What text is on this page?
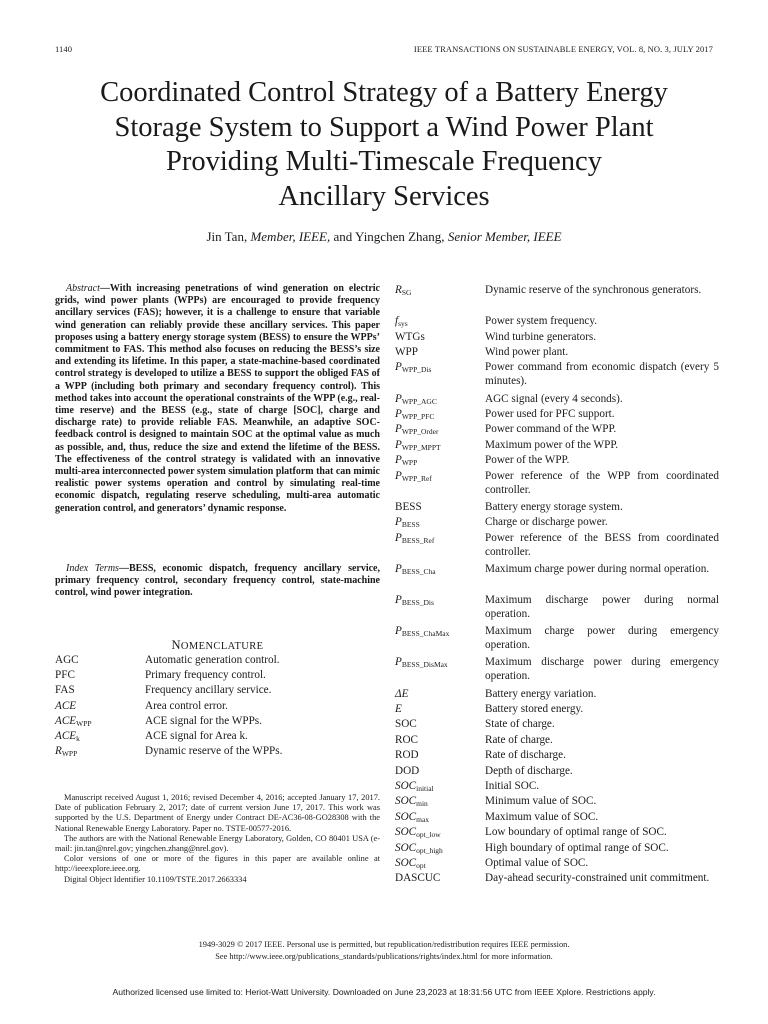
1140	IEEE TRANSACTIONS ON SUSTAINABLE ENERGY, VOL. 8, NO. 3, JULY 2017
Coordinated Control Strategy of a Battery Energy
Storage System to Support a Wind Power Plant
Providing Multi-Timescale Frequency
Ancillary Services
Jin Tan, Member, IEEE, and Yingchen Zhang, Senior Member, IEEE

Abstract—With increasing penetrations of wind generation on electric grids, wind power plants (WPPs) are encouraged to provide frequency ancillary services (FAS); however, it is a challenge to ensure that variable wind generation can reliably provide these ancillary services. This paper proposes using a battery energy storage system (BESS) to ensure the WPPs’ commitment to FAS. This method also focuses on reducing the BESS’s size and extending its lifetime. In this paper, a state-machine-based coordinated control strategy is developed to utilize a BESS to support the obliged FAS of a WPP (including both primary and secondary frequency control). This method takes into account the operational constraints of the WPP (e.g., real-time reserve) and the BESS (e.g., state of charge [SOC], charge and discharge rate) to provide reliable FAS. Meanwhile, an adaptive SOC-feedback control is designed to maintain SOC at the optimal value as much as possible, and, thus, reduce the size and extend the lifetime of the BESS. The effectiveness of the control strategy is validated with an innovative multi-area interconnected power system simulation platform that can mimic realistic power systems operation and control by simulating real-time economic dispatch, regulating reserve scheduling, multi-area automatic generation control, and generators’ dynamic response.

Index Terms—BESS, economic dispatch, frequency ancillary service, primary frequency control, secondary frequency control, state-machine control, wind power integration.

NOMENCLATURE
AGC	Automatic generation control.
PFC	Primary frequency control.
FAS	Frequency ancillary service.
ACE	Area control error.
$ACE_{WPP}$	ACE signal for the WPPs.
$ACE_k$	ACE signal for Area k.
$R_{WPP}$	Dynamic reserve of the WPPs.
$R_{SG}$	Dynamic reserve of the synchronous generators.
$f_{sys}$	Power system frequency.
WTGs	Wind turbine generators.
WPP	Wind power plant.
$P_{WPP\_Dis}$	Power command from economic dispatch (every 5 minutes).
$P_{WPP\_AGC}$	AGC signal (every 4 seconds).
$P_{WPP\_PFC}$	Power used for PFC support.
$P_{WPP\_Order}$	Power command of the WPP.
$P_{WPP\_MPPT}$	Maximum power of the WPP.
$P_{WPP}$	Power of the WPP.
$P_{WPP\_Ref}$	Power reference of the WPP from coordinated controller.
BESS	Battery energy storage system.
$P_{BESS}$	Charge or discharge power.
$P_{BESS\_Ref}$	Power reference of the BESS from coordinated controller.
$P_{BESS\_Cha}$	Maximum charge power during normal operation.
$P_{BESS\_Dis}$	Maximum discharge power during normal operation.
$P_{BESS\_ChaMax}$	Maximum charge power during emergency operation.
$P_{BESS\_DisMax}$	Maximum discharge power during emergency operation.
ΔE	Battery energy variation.
E	Battery stored energy.
SOC	State of charge.
ROC	Rate of charge.
ROD	Rate of discharge.
DOD	Depth of discharge.
$SOC_{initial}$	Initial SOC.
$SOC_{min}$	Minimum value of SOC.
$SOC_{max}$	Maximum value of SOC.
$SOC_{opt\_low}$	Low boundary of optimal range of SOC.
$SOC_{opt\_high}$	High boundary of optimal range of SOC.
$SOC_{opt}$	Optimal value of SOC.
DASCUC	Day-ahead security-constrained unit commitment.

Manuscript received August 1, 2016; revised December 4, 2016; accepted January 17, 2017. Date of publication February 2, 2017; date of current version June 17, 2017. This work was supported by the U.S. Department of Energy under Contract DE-AC36-08-GO28308 with the National Renewable Energy Laboratory. Paper no. TSTE-00577-2016.

The authors are with the National Renewable Energy Laboratory, Golden, CO 80401 USA (e-mail: jin.tan@nrel.gov; yingchen.zhang@nrel.gov).

Color versions of one or more of the figures in this paper are available online at http://ieeexplore.ieee.org.

Digital Object Identifier 10.1109/TSTE.2017.2663334

1949-3029 © 2017 IEEE. Personal use is permitted, but republication/redistribution requires IEEE permission.
See http://www.ieee.org/publications_standards/publications/rights/index.html for more information.
Authorized licensed use limited to: Heriot-Watt University. Downloaded on June 23,2023 at 18:31:56 UTC from IEEE Xplore. Restrictions apply.
